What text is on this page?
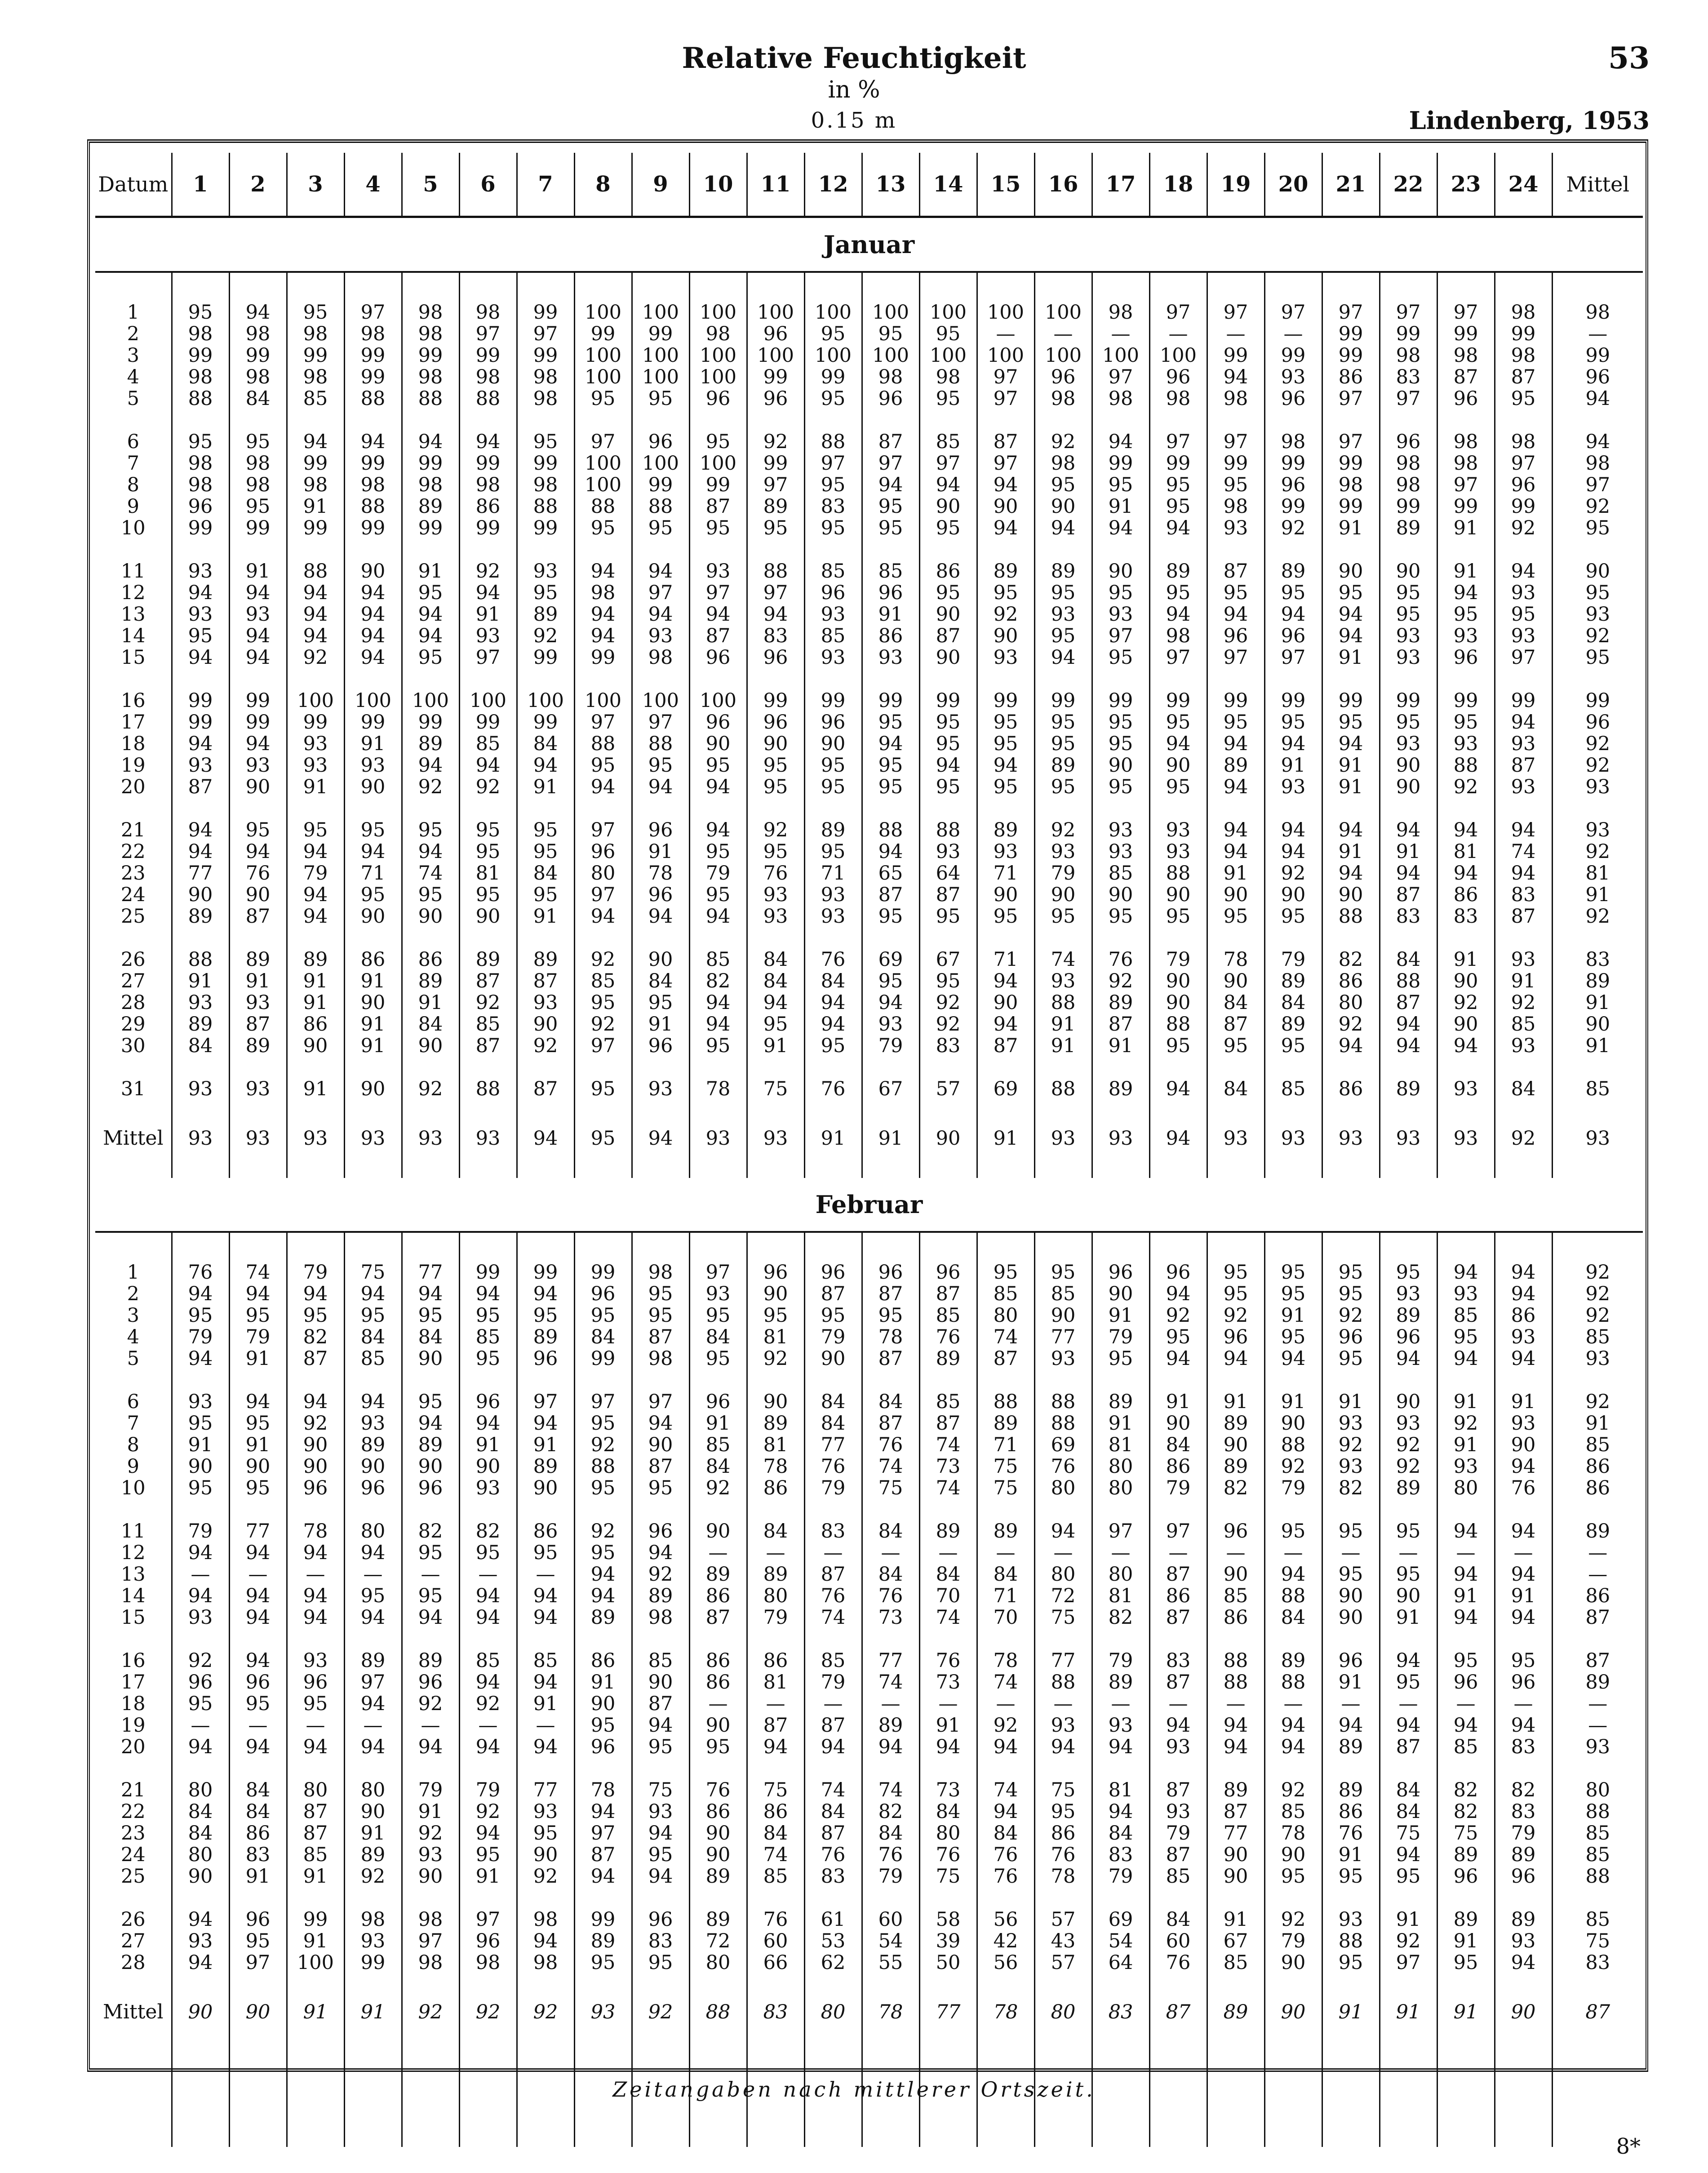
Relative Feuchtigkeit
in %
0.15 m
53
Lindenberg, 1953
Datum	1	2	3	4	5	6	7	8	9	10	11	12	13	14	15	16	17	18	19	20	21	22	23	24	Mittel
Januar																									

1	95	94	95	97	98	98	99	100	100	100	100	100	100	100	100	100	98	97	97	97	97	97	97	98	98
2	98	98	98	98	98	97	97	99	99	98	96	95	95	95	—	—	—	—	—	—	99	99	99	99	—
3	99	99	99	99	99	99	99	100	100	100	100	100	100	100	100	100	100	100	99	99	99	98	98	98	99
4	98	98	98	99	98	98	98	100	100	100	99	99	98	98	97	96	97	96	94	93	86	83	87	87	96
5	88	84	85	88	88	88	98	95	95	96	96	95	96	95	97	98	98	98	98	96	97	97	96	95	94

6	95	95	94	94	94	94	95	97	96	95	92	88	87	85	87	92	94	97	97	98	97	96	98	98	94
7	98	98	99	99	99	99	99	100	100	100	99	97	97	97	97	98	99	99	99	99	99	98	98	97	98
8	98	98	98	98	98	98	98	100	99	99	97	95	94	94	94	95	95	95	95	96	98	98	97	96	97
9	96	95	91	88	89	86	88	88	88	87	89	83	95	90	90	90	91	95	98	99	99	99	99	99	92
10	99	99	99	99	99	99	99	95	95	95	95	95	95	95	94	94	94	94	93	92	91	89	91	92	95

11	93	91	88	90	91	92	93	94	94	93	88	85	85	86	89	89	90	89	87	89	90	90	91	94	90
12	94	94	94	94	95	94	95	98	97	97	97	96	96	95	95	95	95	95	95	95	95	95	94	93	95
13	93	93	94	94	94	91	89	94	94	94	94	93	91	90	92	93	93	94	94	94	94	95	95	95	93
14	95	94	94	94	94	93	92	94	93	87	83	85	86	87	90	95	97	98	96	96	94	93	93	93	92
15	94	94	92	94	95	97	99	99	98	96	96	93	93	90	93	94	95	97	97	97	91	93	96	97	95

16	99	99	100	100	100	100	100	100	100	100	99	99	99	99	99	99	99	99	99	99	99	99	99	99	99
17	99	99	99	99	99	99	99	97	97	96	96	96	95	95	95	95	95	95	95	95	95	95	95	94	96
18	94	94	93	91	89	85	84	88	88	90	90	90	94	95	95	95	95	94	94	94	94	93	93	93	92
19	93	93	93	93	94	94	94	95	95	95	95	95	95	94	94	89	90	90	89	91	91	90	88	87	92
20	87	90	91	90	92	92	91	94	94	94	95	95	95	95	95	95	95	95	94	93	91	90	92	93	93

21	94	95	95	95	95	95	95	97	96	94	92	89	88	88	89	92	93	93	94	94	94	94	94	94	93
22	94	94	94	94	94	95	95	96	91	95	95	95	94	93	93	93	93	93	94	94	91	91	81	74	92
23	77	76	79	71	74	81	84	80	78	79	76	71	65	64	71	79	85	88	91	92	94	94	94	94	81
24	90	90	94	95	95	95	95	97	96	95	93	93	87	87	90	90	90	90	90	90	90	87	86	83	91
25	89	87	94	90	90	90	91	94	94	94	93	93	95	95	95	95	95	95	95	95	88	83	83	87	92

26	88	89	89	86	86	89	89	92	90	85	84	76	69	67	71	74	76	79	78	79	82	84	91	93	83
27	91	91	91	91	89	87	87	85	84	82	84	84	95	95	94	93	92	90	90	89	86	88	90	91	89
28	93	93	91	90	91	92	93	95	95	94	94	94	94	92	90	88	89	90	84	84	80	87	92	92	91
29	89	87	86	91	84	85	90	92	91	94	95	94	93	92	94	91	87	88	87	89	92	94	90	85	90
30	84	89	90	91	90	87	92	97	96	95	91	95	79	83	87	91	91	95	95	95	94	94	94	93	91

31	93	93	91	90	92	88	87	95	93	78	75	76	67	57	69	88	89	94	84	85	86	89	93	84	85

Mittel	93	93	93	93	93	93	94	95	94	93	93	91	91	90	91	93	93	94	93	93	93	93	93	92	93

Februar																									

1	76	74	79	75	77	99	99	99	98	97	96	96	96	96	95	95	96	96	95	95	95	95	94	94	92
2	94	94	94	94	94	94	94	96	95	93	90	87	87	87	85	85	90	94	95	95	95	93	93	94	92
3	95	95	95	95	95	95	95	95	95	95	95	95	95	85	80	90	91	92	92	91	92	89	85	86	92
4	79	79	82	84	84	85	89	84	87	84	81	79	78	76	74	77	79	95	96	95	96	96	95	93	85
5	94	91	87	85	90	95	96	99	98	95	92	90	87	89	87	93	95	94	94	94	95	94	94	94	93

6	93	94	94	94	95	96	97	97	97	96	90	84	84	85	88	88	89	91	91	91	91	90	91	91	92
7	95	95	92	93	94	94	94	95	94	91	89	84	87	87	89	88	91	90	89	90	93	93	92	93	91
8	91	91	90	89	89	91	91	92	90	85	81	77	76	74	71	69	81	84	90	88	92	92	91	90	85
9	90	90	90	90	90	90	89	88	87	84	78	76	74	73	75	76	80	86	89	92	93	92	93	94	86
10	95	95	96	96	96	93	90	95	95	92	86	79	75	74	75	80	80	79	82	79	82	89	80	76	86

11	79	77	78	80	82	82	86	92	96	90	84	83	84	89	89	94	97	97	96	95	95	95	94	94	89
12	94	94	94	94	95	95	95	95	94	—	—	—	—	—	—	—	—	—	—	—	—	—	—	—	—
13	—	—	—	—	—	—	—	94	92	89	89	87	84	84	84	80	80	87	90	94	95	95	94	94	—
14	94	94	94	95	95	94	94	94	89	86	80	76	76	70	71	72	81	86	85	88	90	90	91	91	86
15	93	94	94	94	94	94	94	89	98	87	79	74	73	74	70	75	82	87	86	84	90	91	94	94	87

16	92	94	93	89	89	85	85	86	85	86	86	85	77	76	78	77	79	83	88	89	96	94	95	95	87
17	96	96	96	97	96	94	94	91	90	86	81	79	74	73	74	88	89	87	88	88	91	95	96	96	89
18	95	95	95	94	92	92	91	90	87	—	—	—	—	—	—	—	—	—	—	—	—	—	—	—	—
19	—	—	—	—	—	—	—	95	94	90	87	87	89	91	92	93	93	94	94	94	94	94	94	94	—
20	94	94	94	94	94	94	94	96	95	95	94	94	94	94	94	94	94	93	94	94	89	87	85	83	93

21	80	84	80	80	79	79	77	78	75	76	75	74	74	73	74	75	81	87	89	92	89	84	82	82	80
22	84	84	87	90	91	92	93	94	93	86	86	84	82	84	94	95	94	93	87	85	86	84	82	83	88
23	84	86	87	91	92	94	95	97	94	90	84	87	84	80	84	86	84	79	77	78	76	75	75	79	85
24	80	83	85	89	93	95	90	87	95	90	74	76	76	76	76	76	83	87	90	90	91	94	89	89	85
25	90	91	91	92	90	91	92	94	94	89	85	83	79	75	76	78	79	85	90	95	95	95	96	96	88

26	94	96	99	98	98	97	98	99	96	89	76	61	60	58	56	57	69	84	91	92	93	91	89	89	85
27	93	95	91	93	97	96	94	89	83	72	60	53	54	39	42	43	54	60	67	79	88	92	91	93	75
28	94	97	100	99	98	98	98	95	95	80	66	62	55	50	56	57	64	76	85	90	95	97	95	94	83

Mittel	90	90	91	91	92	92	92	93	92	88	83	80	78	77	78	80	83	87	89	90	91	91	91	90	87

Zeitangaben nach mittlerer Ortszeit.
8*
